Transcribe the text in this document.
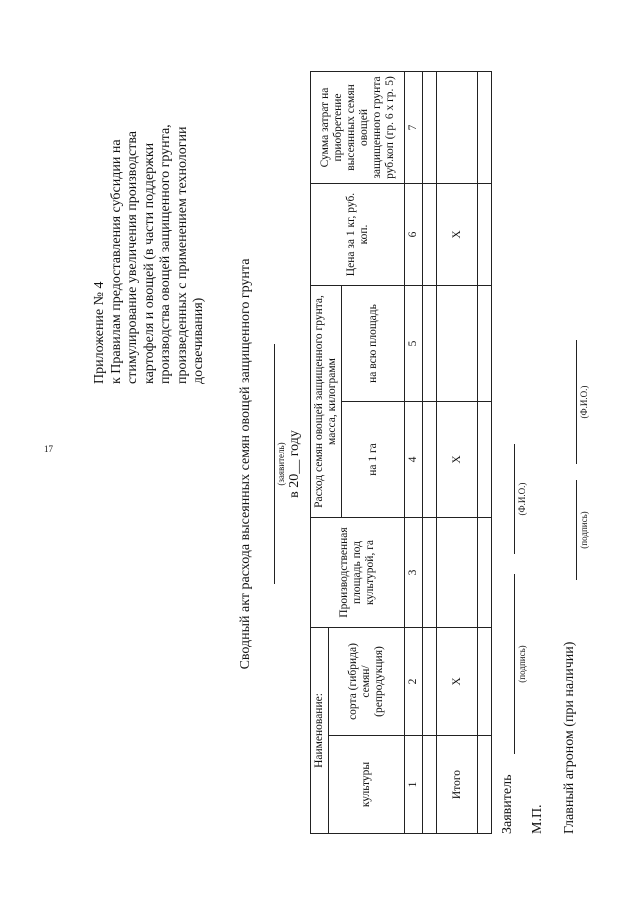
17
Приложение № 4 к Правилам предоставления субсидии на стимулирование увеличения производства картофеля и овощей (в части поддержки производства овощей защищенного грунта, произведенных с применением технологии досвечивания) Сводный акт расхода высеянных семян овощей защищенного грунта	(заявитель) в 20__ году
Наименование:		Производственная площадь под культурой, га	Расход семян овощей защищенного грунта, масса, килограмм		Цена за 1 кг, руб. коп.	Сумма затрат на приобретение высеянных семян овощей защищенного грунта руб.коп (гр. 6 x гр. 5)
культуры	сорта (гибрида) семян/ (репродукция)					
			на 1 га	на всю площадь		
1	2	3	4	5	6	7

Итого	X		X		X	

Заявитель
(подпись)
(Ф.И.О.)
М.П. Главный агроном (при наличии)
(подпись)
(Ф.И.О.)
